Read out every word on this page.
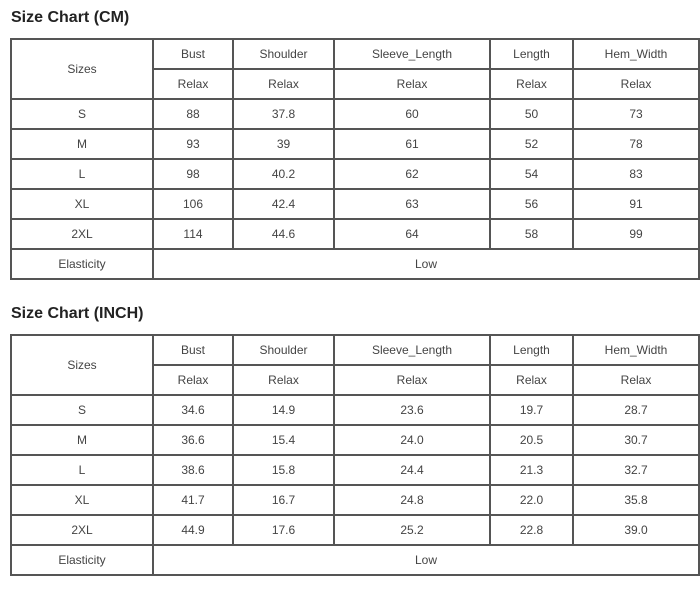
Size Chart (CM)
Sizes	Bust	Shoulder	Sleeve_Length	Length	Hem_Width
	Relax	Relax	Relax	Relax	Relax
S	88	37.8	60	50	73
M	93	39	61	52	78
L	98	40.2	62	54	83
XL	106	42.4	63	56	91
2XL	114	44.6	64	58	99
Elasticity	Low				
Size Chart (INCH)
Sizes	Bust	Shoulder	Sleeve_Length	Length	Hem_Width
	Relax	Relax	Relax	Relax	Relax
S	34.6	14.9	23.6	19.7	28.7
M	36.6	15.4	24.0	20.5	30.7
L	38.6	15.8	24.4	21.3	32.7
XL	41.7	16.7	24.8	22.0	35.8
2XL	44.9	17.6	25.2	22.8	39.0
Elasticity	Low				
